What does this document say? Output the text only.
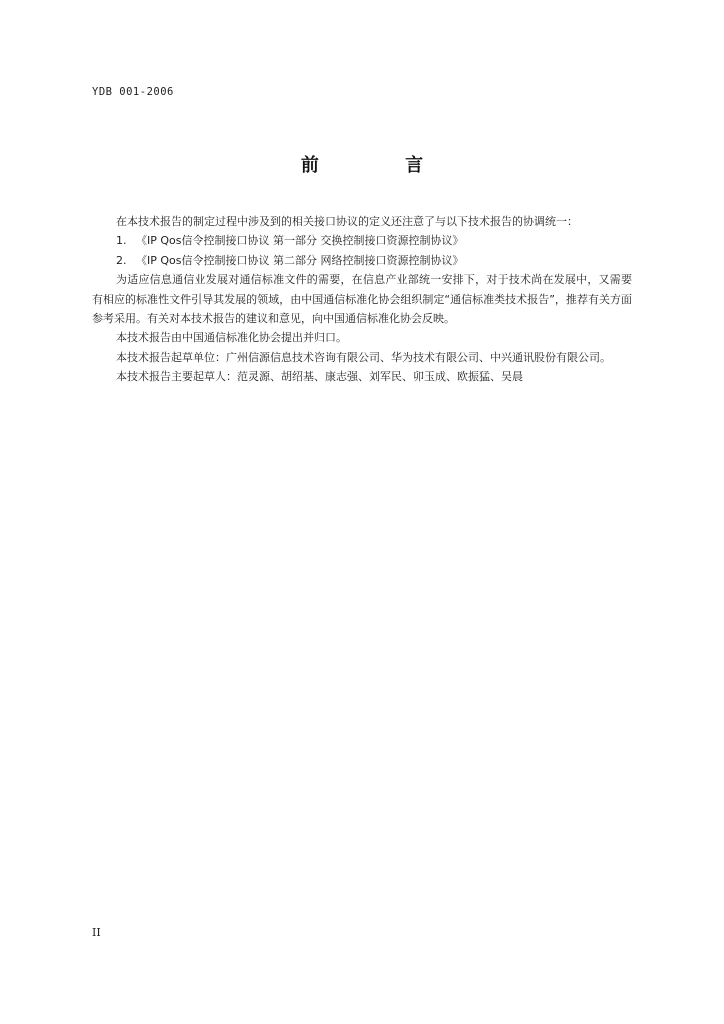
YDB 001-2006
前 言

在本技术报告的制定过程中涉及到的相关接口协议的定义还注意了与以下技术报告的协调统一：

1. 《IP Qos信令控制接口协议 第一部分 交换控制接口资源控制协议》

2. 《IP Qos信令控制接口协议 第二部分 网络控制接口资源控制协议》

为适应信息通信业发展对通信标准文件的需要，在信息产业部统一安排下，对于技术尚在发展中，又需要有相应的标准性文件引导其发展的领域，由中国通信标准化协会组织制定“通信标准类技术报告”，推荐有关方面参考采用。有关对本技术报告的建议和意见，向中国通信标准化协会反映。

本技术报告由中国通信标准化协会提出并归口。

本技术报告起草单位：广州信源信息技术咨询有限公司、华为技术有限公司、中兴通讯股份有限公司。

本技术报告主要起草人：范灵源、胡绍基、康志强、刘军民、卯玉成、欧振猛、吴晨

II
